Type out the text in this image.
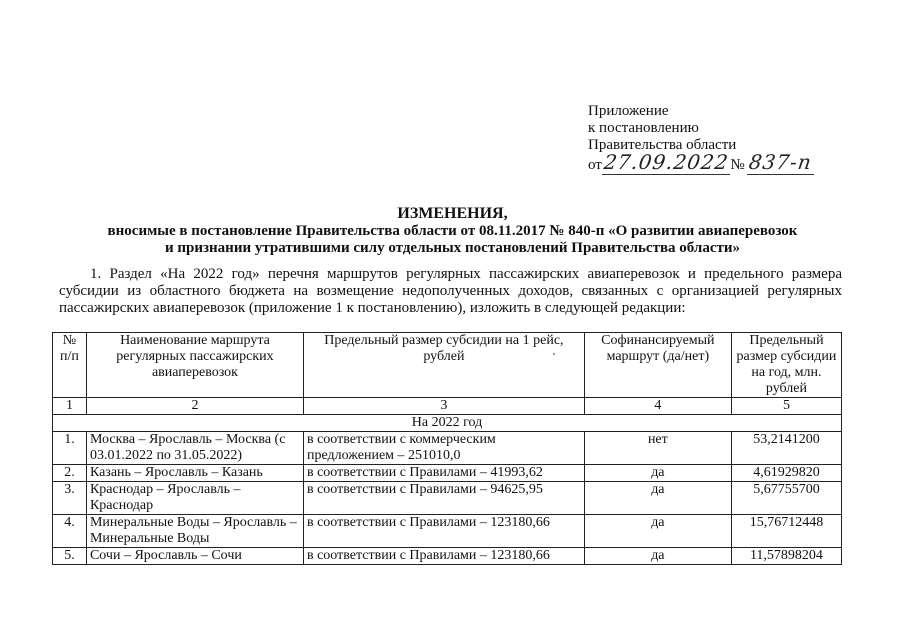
Приложение
к постановлению
Правительства области
от27.09.2022№ 837-п
ИЗМЕНЕНИЯ,
вносимые в постановление Правительства области от 08.11.2017 № 840-п «О развитии авиаперевозок
и признании утратившими силу отдельных постановлений Правительства области»
1. Раздел «На 2022 год» перечня маршрутов регулярных пассажирских авиаперевозок и предельного размера субсидии из областного бюджета на возмещение недополученных доходов, связанных с организацией регулярных пассажирских авиаперевозок (приложение 1 к постановлению), изложить в следующей редакции:
№ п/п	Наименование маршрута регулярных пассажирских авиаперевозок	Предельный размер субсидии на 1 рейс, рублей	Софинансируемый маршрут (да/нет)	Предельный размер субсидии на год, млн. рублей
1	2	3	4	5
На 2022 год				
1.	Москва – Ярославль – Москва (с 03.01.2022 по 31.05.2022)	в соответствии с коммерческим предложением – 251010,0	нет	53,2141200
2.	Казань – Ярославль – Казань	в соответствии с Правилами – 41993,62	да	4,61929820
3.	Краснодар – Ярославль – Краснодар	в соответствии с Правилами – 94625,95	да	5,67755700
4.	Минеральные Воды – Ярославль – Минеральные Воды	в соответствии с Правилами – 123180,66	да	15,76712448
5.	Сочи – Ярославль – Сочи	в соответствии с Правилами – 123180,66	да	11,57898204
